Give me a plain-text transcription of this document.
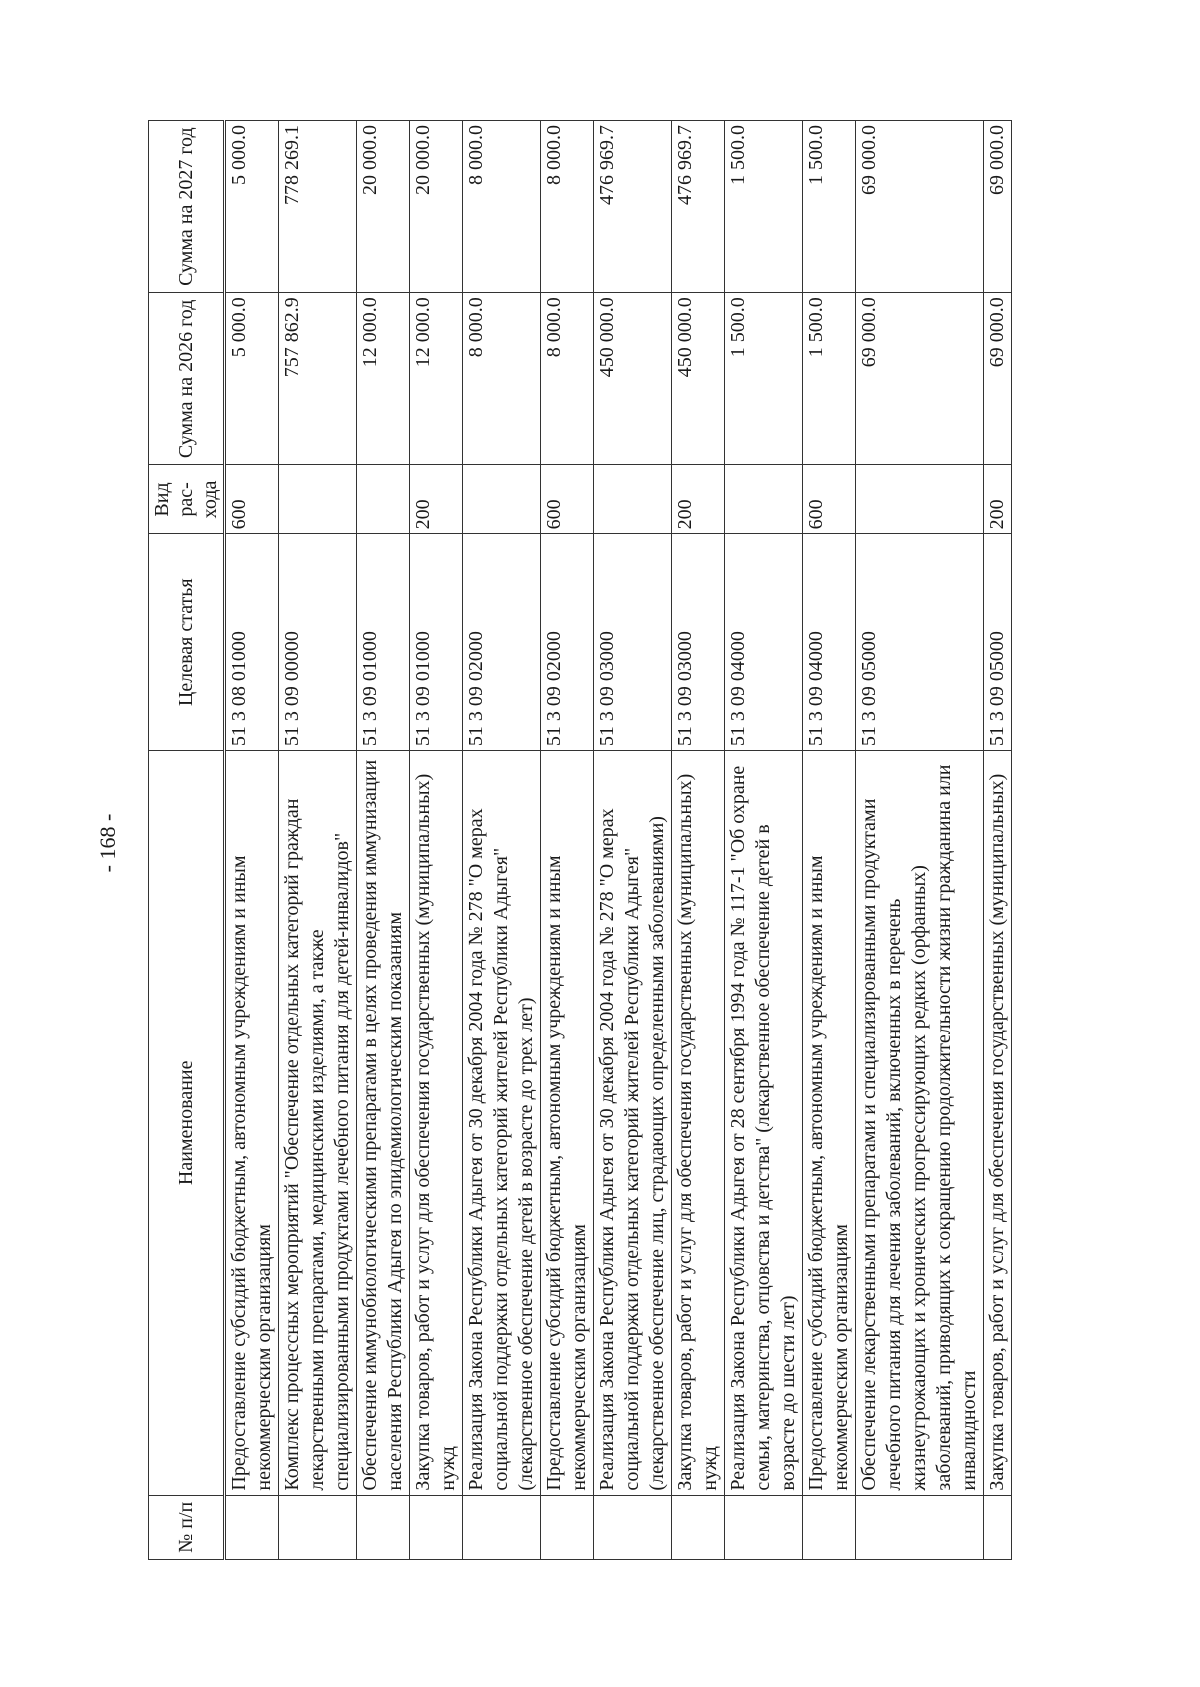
- 168 -
№ п/п	Наименование	Целевая статья	Вид рас-хода	Сумма на 2026 год	Сумма на 2027 год
	Предоставление субсидий бюджетным, автономным учреждениям и иным некоммерческим организациям	51 3 08 01000	600	5 000.0	5 000.0
	Комплекс процессных мероприятий "Обеспечение отдельных категорий граждан лекарственными препаратами, медицинскими изделиями, а также специализированными продуктами лечебного питания для детей-инвалидов"	51 3 09 00000		757 862.9	778 269.1
	Обеспечение иммунобиологическими препаратами в целях проведения иммунизации населения Республики Адыгея по эпидемиологическим показаниям	51 3 09 01000		12 000.0	20 000.0
	Закупка товаров, работ и услуг для обеспечения государственных (муниципальных) нужд	51 3 09 01000	200	12 000.0	20 000.0
	Реализация Закона Республики Адыгея от 30 декабря 2004 года № 278 "О мерах социальной поддержки отдельных категорий жителей Республики Адыгея" (лекарственное обеспечение детей в возрасте до трех лет)	51 3 09 02000		8 000.0	8 000.0
	Предоставление субсидий бюджетным, автономным учреждениям и иным некоммерческим организациям	51 3 09 02000	600	8 000.0	8 000.0
	Реализация Закона Республики Адыгея от 30 декабря 2004 года № 278 "О мерах социальной поддержки отдельных категорий жителей Республики Адыгея" (лекарственное обеспечение лиц, страдающих определенными заболеваниями)	51 3 09 03000		450 000.0	476 969.7
	Закупка товаров, работ и услуг для обеспечения государственных (муниципальных) нужд	51 3 09 03000	200	450 000.0	476 969.7
	Реализация Закона Республики Адыгея от 28 сентября 1994 года № 117-1 "Об охране семьи, материнства, отцовства и детства" (лекарственное обеспечение детей в возрасте до шести лет)	51 3 09 04000		1 500.0	1 500.0
	Предоставление субсидий бюджетным, автономным учреждениям и иным некоммерческим организациям	51 3 09 04000	600	1 500.0	1 500.0
	Обеспечение лекарственными препаратами и специализированными продуктами лечебного питания для лечения заболеваний, включенных в перечень жизнеугрожающих и хронических прогрессирующих редких (орфанных) заболеваний, приводящих к сокращению продолжительности жизни гражданина или инвалидности	51 3 09 05000		69 000.0	69 000.0
	Закупка товаров, работ и услуг для обеспечения государственных (муниципальных)	51 3 09 05000	200	69 000.0	69 000.0
